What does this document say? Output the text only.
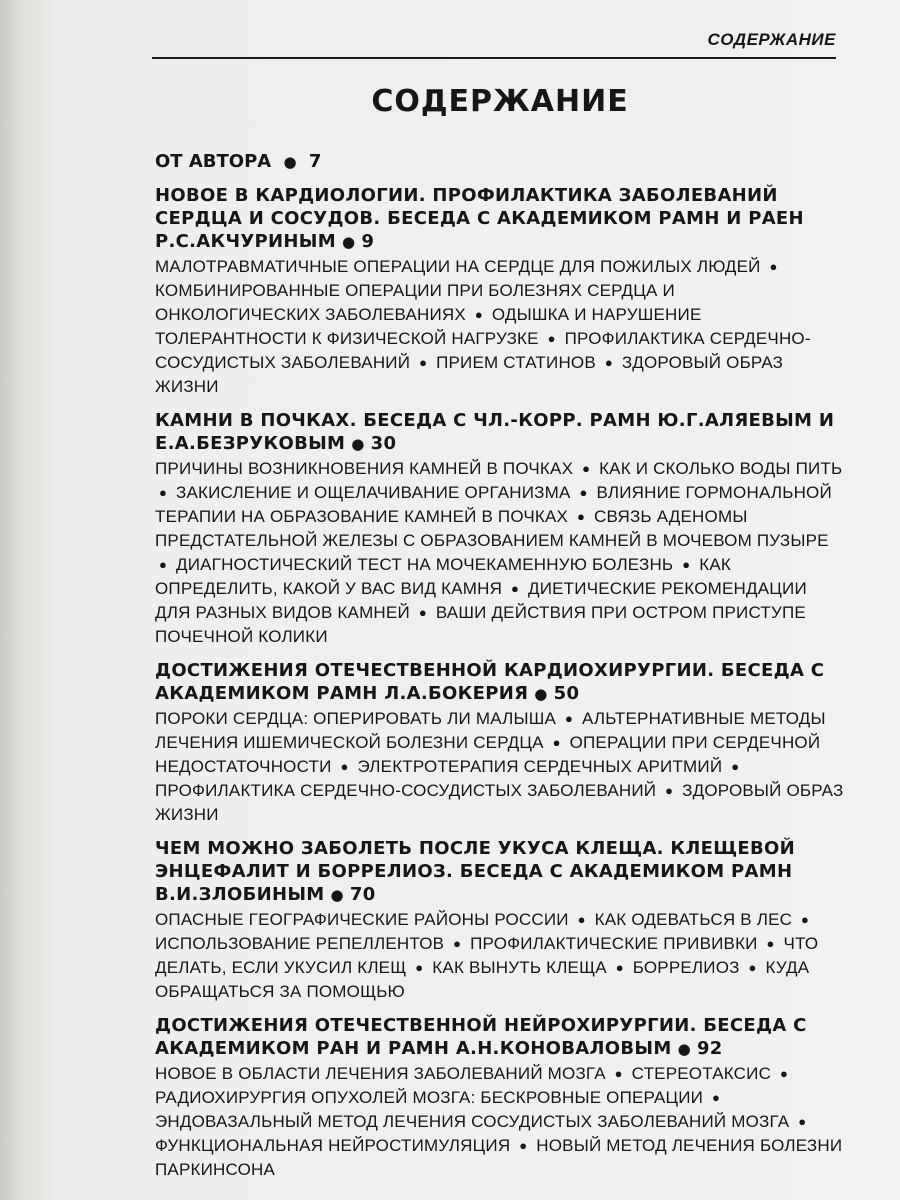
СОДЕРЖАНИЕ
СОДЕРЖАНИЕ
ОТ АВТОРА ● 7
НОВОЕ В КАРДИОЛОГИИ. ПРОФИЛАКТИКА ЗАБОЛЕВАНИЙ СЕРДЦА И СОСУДОВ. БЕСЕДА С АКАДЕМИКОМ РАМН И РАЕН Р.С.АКЧУРИНЫМ ● 9
МАЛОТРАВМАТИЧНЫЕ ОПЕРАЦИИ НА СЕРДЦЕ ДЛЯ ПОЖИЛЫХ ЛЮДЕЙ ● КОМБИНИРОВАННЫЕ ОПЕРАЦИИ ПРИ БОЛЕЗНЯХ СЕРДЦА И ОНКОЛОГИЧЕСКИХ ЗАБОЛЕВАНИЯХ ● ОДЫШКА И НАРУШЕНИЕ ТОЛЕРАНТНОСТИ К ФИЗИЧЕСКОЙ НАГРУЗКЕ ● ПРОФИЛАКТИКА СЕРДЕЧНО-СОСУДИСТЫХ ЗАБОЛЕВАНИЙ ● ПРИЕМ СТАТИНОВ ● ЗДОРОВЫЙ ОБРАЗ ЖИЗНИ
КАМНИ В ПОЧКАХ. БЕСЕДА С ЧЛ.-КОРР. РАМН Ю.Г.АЛЯЕВЫМ И Е.А.БЕЗРУКОВЫМ ● 30
ПРИЧИНЫ ВОЗНИКНОВЕНИЯ КАМНЕЙ В ПОЧКАХ ● КАК И СКОЛЬКО ВОДЫ ПИТЬ ● ЗАКИСЛЕНИЕ И ОЩЕЛАЧИВАНИЕ ОРГАНИЗМА ● ВЛИЯНИЕ ГОРМОНАЛЬНОЙ ТЕРАПИИ НА ОБРАЗОВАНИЕ КАМНЕЙ В ПОЧКАХ ● СВЯЗЬ АДЕНОМЫ ПРЕДСТАТЕЛЬНОЙ ЖЕЛЕЗЫ С ОБРАЗОВАНИЕМ КАМНЕЙ В МОЧЕВОМ ПУЗЫРЕ ● ДИАГНОСТИЧЕСКИЙ ТЕСТ НА МОЧЕКАМЕННУЮ БОЛЕЗНЬ ● КАК ОПРЕДЕЛИТЬ, КАКОЙ У ВАС ВИД КАМНЯ ● ДИЕТИЧЕСКИЕ РЕКОМЕНДАЦИИ ДЛЯ РАЗНЫХ ВИДОВ КАМНЕЙ ● ВАШИ ДЕЙСТВИЯ ПРИ ОСТРОМ ПРИСТУПЕ ПОЧЕЧНОЙ КОЛИКИ
ДОСТИЖЕНИЯ ОТЕЧЕСТВЕННОЙ КАРДИОХИРУРГИИ. БЕСЕДА С АКАДЕМИКОМ РАМН Л.А.БОКЕРИЯ ● 50
ПОРОКИ СЕРДЦА: ОПЕРИРОВАТЬ ЛИ МАЛЫША ● АЛЬТЕРНАТИВНЫЕ МЕТОДЫ ЛЕЧЕНИЯ ИШЕМИЧЕСКОЙ БОЛЕЗНИ СЕРДЦА ● ОПЕРАЦИИ ПРИ СЕРДЕЧНОЙ НЕДОСТАТОЧНОСТИ ● ЭЛЕКТРОТЕРАПИЯ СЕРДЕЧНЫХ АРИТМИЙ ● ПРОФИЛАКТИКА СЕРДЕЧНО-СОСУДИСТЫХ ЗАБОЛЕВАНИЙ ● ЗДОРОВЫЙ ОБРАЗ ЖИЗНИ
ЧЕМ МОЖНО ЗАБОЛЕТЬ ПОСЛЕ УКУСА КЛЕЩА. КЛЕЩЕВОЙ ЭНЦЕФАЛИТ И БОРРЕЛИОЗ. БЕСЕДА С АКАДЕМИКОМ РАМН В.И.ЗЛОБИНЫМ ● 70
ОПАСНЫЕ ГЕОГРАФИЧЕСКИЕ РАЙОНЫ РОССИИ ● КАК ОДЕВАТЬСЯ В ЛЕС ● ИСПОЛЬЗОВАНИЕ РЕПЕЛЛЕНТОВ ● ПРОФИЛАКТИЧЕСКИЕ ПРИВИВКИ ● ЧТО ДЕЛАТЬ, ЕСЛИ УКУСИЛ КЛЕЩ ● КАК ВЫНУТЬ КЛЕЩА ● БОРРЕЛИОЗ ● КУДА ОБРАЩАТЬСЯ ЗА ПОМОЩЬЮ
ДОСТИЖЕНИЯ ОТЕЧЕСТВЕННОЙ НЕЙРОХИРУРГИИ. БЕСЕДА С АКАДЕМИКОМ РАН И РАМН А.Н.КОНОВАЛОВЫМ ● 92
НОВОЕ В ОБЛАСТИ ЛЕЧЕНИЯ ЗАБОЛЕВАНИЙ МОЗГА ● СТЕРЕОТАКСИС ● РАДИОХИРУРГИЯ ОПУХОЛЕЙ МОЗГА: БЕСКРОВНЫЕ ОПЕРАЦИИ ● ЭНДОВАЗАЛЬНЫЙ МЕТОД ЛЕЧЕНИЯ СОСУДИСТЫХ ЗАБОЛЕВАНИЙ МОЗГА ● ФУНКЦИОНАЛЬНАЯ НЕЙРОСТИМУЛЯЦИЯ ● НОВЫЙ МЕТОД ЛЕЧЕНИЯ БОЛЕЗНИ ПАРКИНСОНА
